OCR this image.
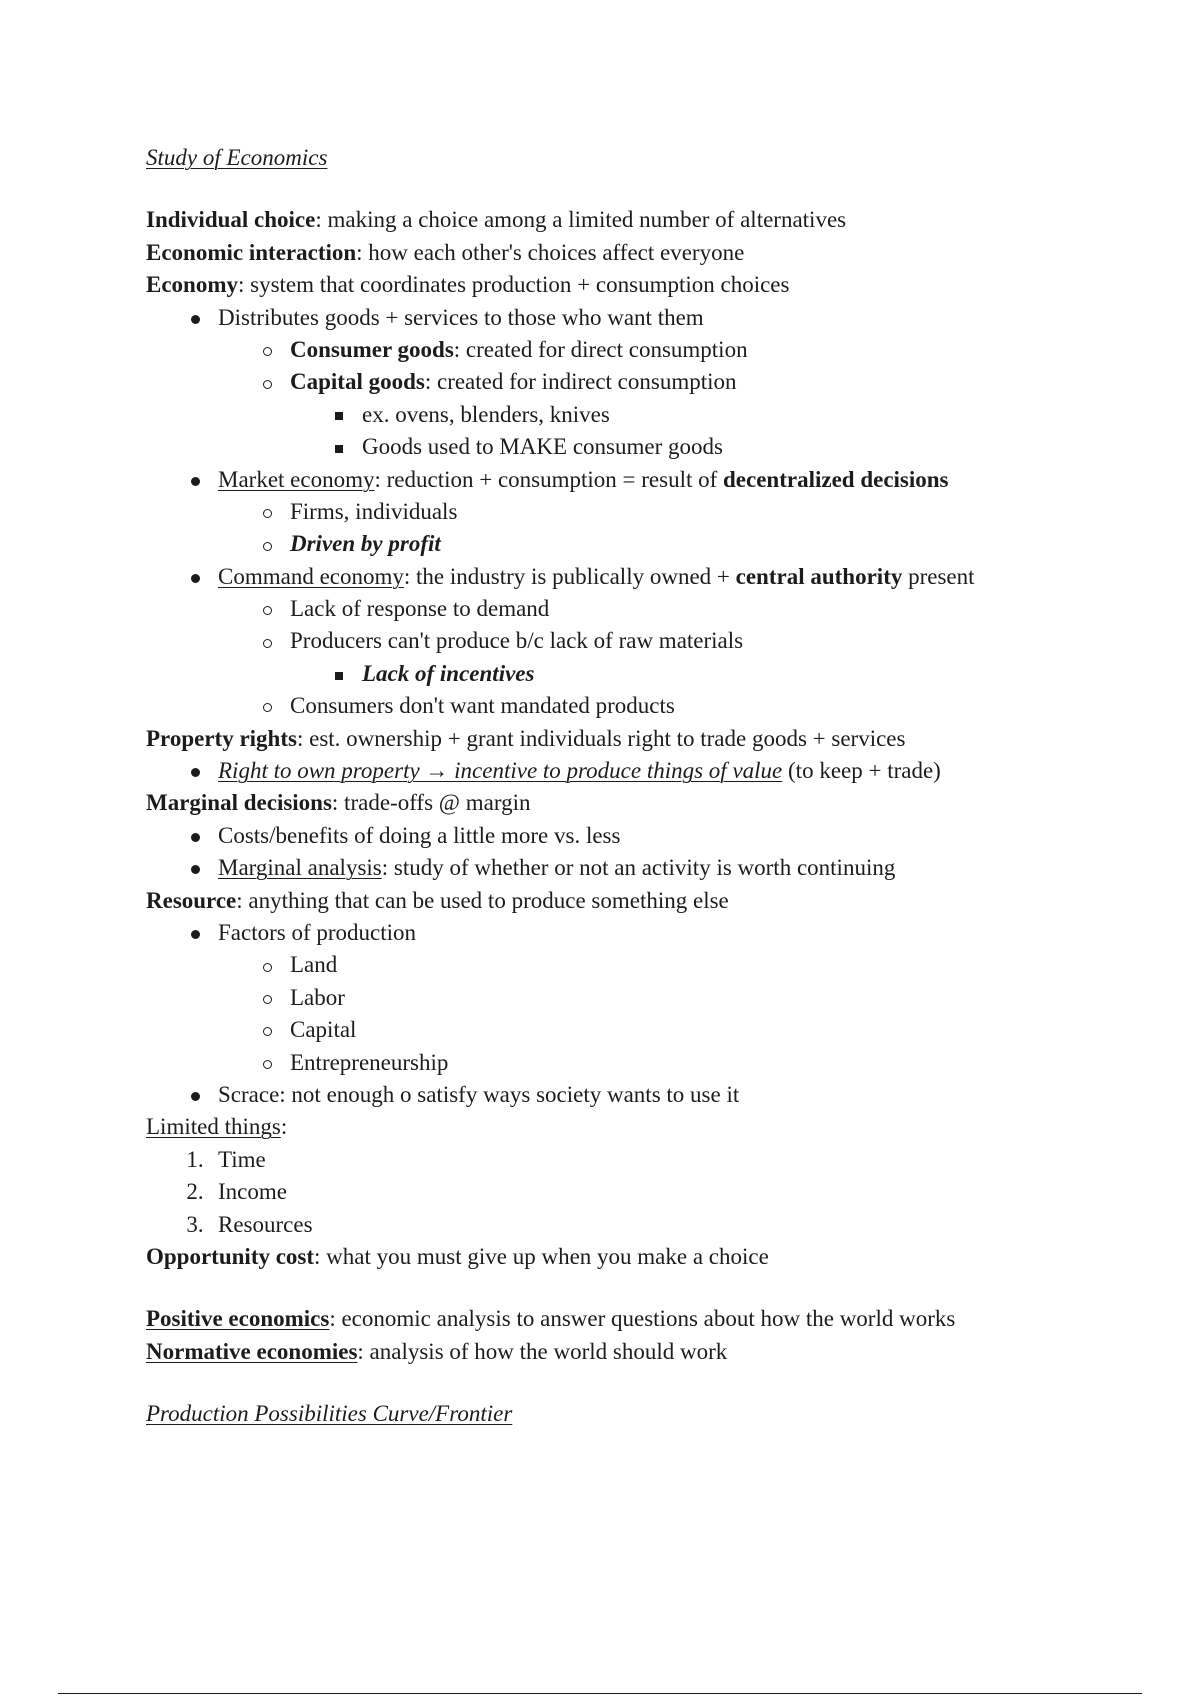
Study of Economics
Individual choice: making a choice among a limited number of alternatives
Economic interaction: how each other's choices affect everyone
Economy: system that coordinates production + consumption choices
Distributes goods + services to those who want them
Consumer goods: created for direct consumption
Capital goods: created for indirect consumption
ex. ovens, blenders, knives
Goods used to MAKE consumer goods
Market economy: reduction + consumption = result of decentralized decisions
Firms, individuals
Driven by profit
Command economy: the industry is publically owned + central authority present
Lack of response to demand
Producers can't produce b/c lack of raw materials
Lack of incentives
Consumers don't want mandated products
Property rights: est. ownership + grant individuals right to trade goods + services
Right to own property → incentive to produce things of value (to keep + trade)
Marginal decisions: trade-offs @ margin
Costs/benefits of doing a little more vs. less
Marginal analysis: study of whether or not an activity is worth continuing
Resource: anything that can be used to produce something else
Factors of production
Land
Labor
Capital
Entrepreneurship
Scrace: not enough o satisfy ways society wants to use it
Limited things:
1. Time
2. Income
3. Resources
Opportunity cost: what you must give up when you make a choice
Positive economics: economic analysis to answer questions about how the world works
Normative economies: analysis of how the world should work
Production Possibilities Curve/Frontier
